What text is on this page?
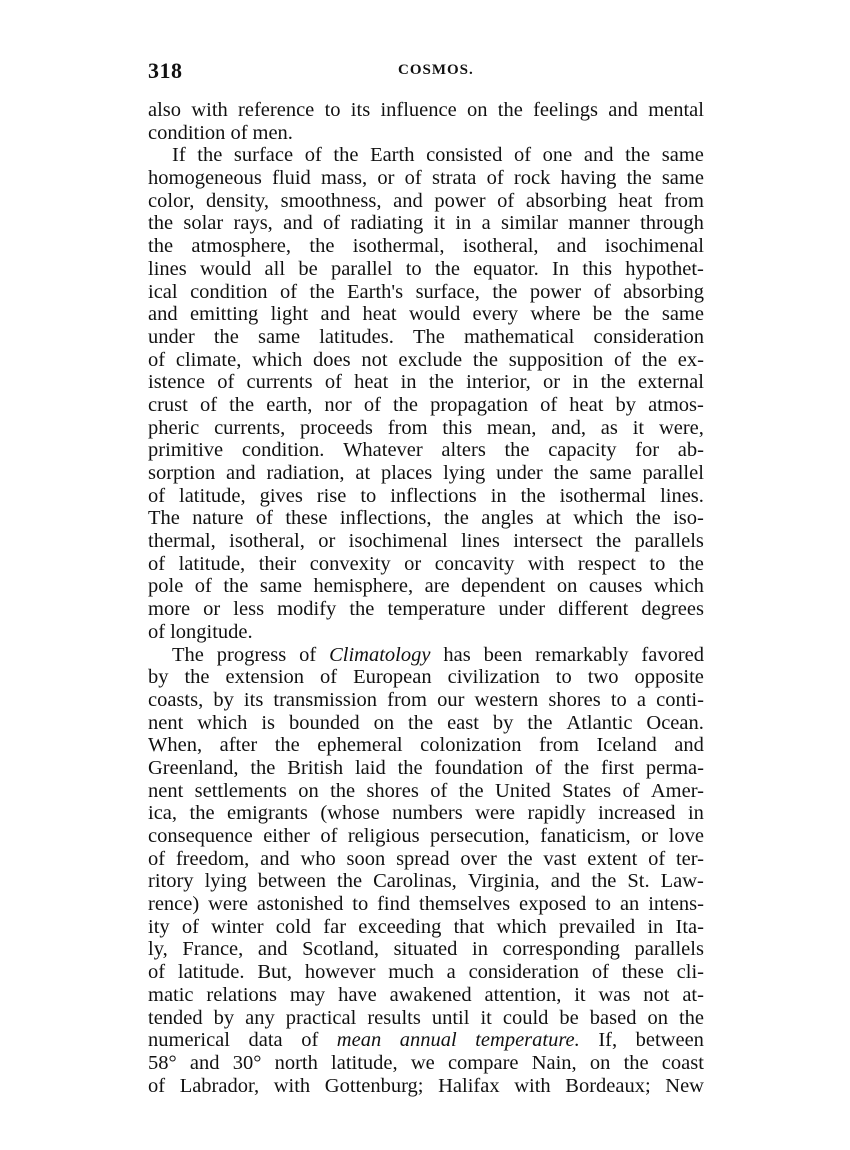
318	COSMOS.
also with reference to its influence on the feelings and mental
condition of men.
If the surface of the Earth consisted of one and the same
homogeneous fluid mass, or of strata of rock having the same
color, density, smoothness, and power of absorbing heat from
the solar rays, and of radiating it in a similar manner through
the atmosphere, the isothermal, isotheral, and isochimenal
lines would all be parallel to the equator. In this hypothet-
ical condition of the Earth's surface, the power of absorbing
and emitting light and heat would every where be the same
under the same latitudes. The mathematical consideration
of climate, which does not exclude the supposition of the ex-
istence of currents of heat in the interior, or in the external
crust of the earth, nor of the propagation of heat by atmos-
pheric currents, proceeds from this mean, and, as it were,
primitive condition. Whatever alters the capacity for ab-
sorption and radiation, at places lying under the same parallel
of latitude, gives rise to inflections in the isothermal lines.
The nature of these inflections, the angles at which the iso-
thermal, isotheral, or isochimenal lines intersect the parallels
of latitude, their convexity or concavity with respect to the
pole of the same hemisphere, are dependent on causes which
more or less modify the temperature under different degrees
of longitude.
The progress of Climatology has been remarkably favored
by the extension of European civilization to two opposite
coasts, by its transmission from our western shores to a conti-
nent which is bounded on the east by the Atlantic Ocean.
When, after the ephemeral colonization from Iceland and
Greenland, the British laid the foundation of the first perma-
nent settlements on the shores of the United States of Amer-
ica, the emigrants (whose numbers were rapidly increased in
consequence either of religious persecution, fanaticism, or love
of freedom, and who soon spread over the vast extent of ter-
ritory lying between the Carolinas, Virginia, and the St. Law-
rence) were astonished to find themselves exposed to an intens-
ity of winter cold far exceeding that which prevailed in Ita-
ly, France, and Scotland, situated in corresponding parallels
of latitude. But, however much a consideration of these cli-
matic relations may have awakened attention, it was not at-
tended by any practical results until it could be based on the
numerical data of mean annual temperature. If, between
58° and 30° north latitude, we compare Nain, on the coast
of Labrador, with Gottenburg; Halifax with Bordeaux; New
